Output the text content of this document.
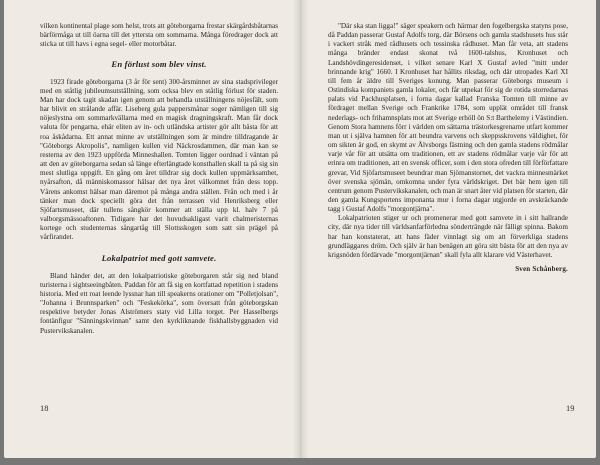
vilken kontinental plage som helst, trots att göteborgarna frestar skärgårdsbåtarnas bärförmåga ut till öarna till det yttersta om sommarna. Många föredrager dock att sticka ut till havs i egna segel- eller motorbåtar.

En förlust som blev vinst.

1923 firade göteborgarna (3 år för sent) 300-årsminnet av sina stadsprivileger med en ståtlig jubileumsutställning, som ocksa blev en ståtlig förlust för staden. Man har dock tagit skadan igen genom att behandla utställningens nöjesfält, som har blivit en strålande affär. Liseberg gula pappersmånar soger nämligen till sig nöjeslystna om sommarkvällarna med en magisk dragningskraft. Man får dock valuta för pengarna, ehär eliten av in- och utländska artister gör allt bästa för att roa åskådarna. Ett annat minne av utställningen som är mindre tilldragande är "Göteborgs Akropolis", namligen kullen vid Näckrosdammen, där man kan se resterna av den 1923 uppförda Minneshallen. Tomten ligger oordnad i väntan på att den av göteborgarna sedan så länge efterlängtade konsthallen skall ta på sig sin mest slutliga uppgift. En gång om året tilldrar sig dock kullen uppmärksamhet, nyårsafton, då människomassor hälsar det nya året välkomnet från dess topp. Vårens ankomst hälsar man däremot på många andra ställen. Från och med i år tänker man dock speciellt göra det från terrassen vid Henriksberg eller Sjöfartsmuseet, där tullens sångkör kommer att ställa upp kl. halv 7 på valborgsmässoaftonen. Tidigare har det huvudsakligast varit chalmeristernas kortege och studenternas sångartåg till Slottsskogen som satt sin prägel på vårfirandet.

Lokalpatriot med gott samvete.

Bland händer det, att den lokalpatriotiske göteborgaren står sig ned bland turisterna i sightseeingbåten. Paddan för att få sig en kortfattad repetition i stadens historia. Med ett roat leende lyssnar han till speakerns orationer om "Polletjolsan", "Johanna i Brunnsparken" och "Feskekörka", som översatt från göteborgskan respektive betyder Jonas Alströmers staty vid Lilla torget. Per Hasselbergs fontänfigur "Sänningskvinnan" samt den kyrkliknande fiskhallsbyggnaden vid Pustervikskanalen.

18

"Där ska stan ligga!" säger speakern och härmar den fogelbergska statyns pose, då Paddan passerar Gustaf Adolfs torg, där Börsens och gamla stadshusets hus står i vackert stråk med rådhusets och tessinska rådhuset. Man får veta, att stadens många bränder endast skonat två 1600-talshus, Kronhuset och Landshövdingeresidenset, i vilket senare Karl X Gustaf avled "mitt under brinnande krig" 1660. I Kronhuset har hållits riksdag, och där utropades Karl XI till fem år äldre till Sveriges konung. Man passerar Göteborgs museum i Ostindiska kompaniets gamla lokaler, och får utpekat för sig de rotida storredarnas palats vid Packhusplatsen, i forna dagar kallad Franska Tomten till minne av fördraget mellan Sverige och Frankrike 1784, som upplät området till fransk nederlags- och frihamnsplats mot att Sverige erhöll ön S:t Barthelemy i Västindien. Genom Stora hamnens förr i världen om sättarna trästorkesgrenarne utfart kommer man ut i själva hamnen för att beundra varvens och skeppsskrovens väldighet, för om sikten är god, en skymt av Älvsborgs fästning och den gamla stadens rödmålar varje vår för att utsätta om traditionen, ett av stadens rödmålar varje vår för att erinra om traditionen, att en svensk officer, som i den stora ofreden till förförfattare grevar, Vid Sjöfartsmuseet beundrar man Sjömanstornet, det vackra minnesmärket över svenska sjömän, omkomna under fyra världskriget. Det bär hem igen till centrum genom Pustervikskanalen, och man är snart åter vid platsen för starten, där den gamla Kungsportens imponanta mur i forna dagar utgjorde en avskräckande tagg i Gustaf Adolfs "morgontjärna".

Lokalpatrioten stiger ur och promenerar med gott samvete in i sitt hallrande city, där nya tider till världsanfarförledna sönderträngde när fälligt spinna. Bakom har han konstaterat, att hans fäder vinnlagt sig om att förverkliga stadens grundläggares dröm. Och själv är han benägen att göra sitt bästa för att den nya av krigsnöden fördärvade "morgontjärnan" skall fyla allt klarare vid Västerhavet.

Sven Schånberg.
19
